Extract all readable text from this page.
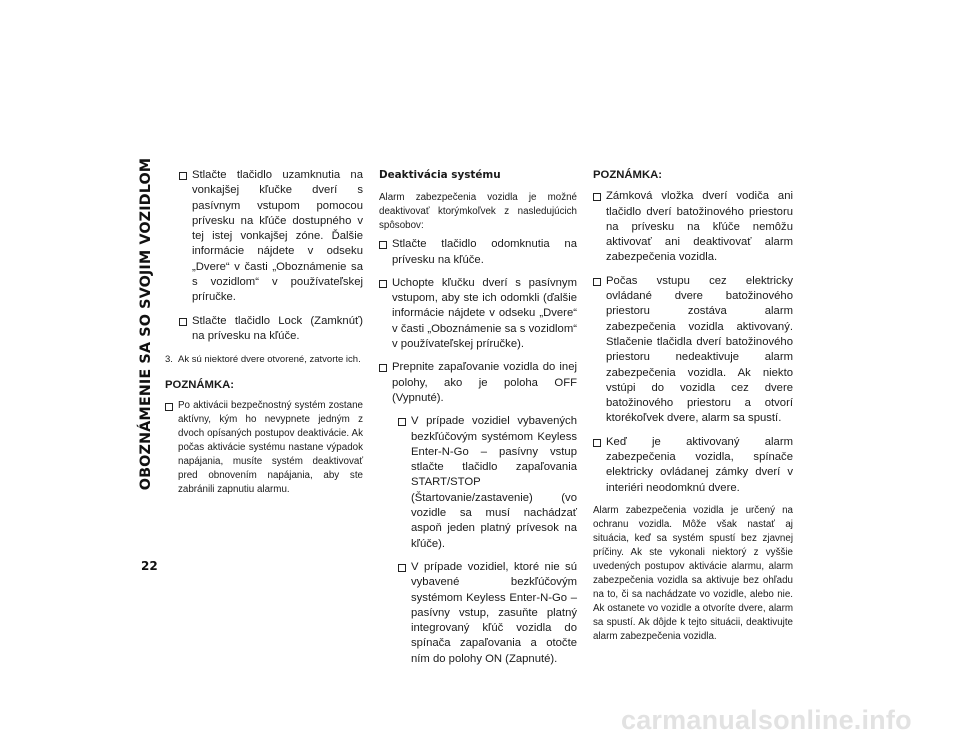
OBOZNÁMENIE SA SO SVOJIM VOZIDLOM	Stlačte tlačidlo uzamknutia na vonkajšej kľučke dverí s pasívnym vstupom pomocou prívesku na kľúče dostupného v tej istej vonkajšej zóne. Ďalšie informácie nájdete v odseku „Dvere“ v časti „Oboznámenie sa s vozidlom“ v používateľskej príručke.
Stlačte tlačidlo Lock (Zamknúť) na prívesku na kľúče.
3. Ak sú niektoré dvere otvorené, zatvorte ich.

POZNÁMKA:

Po aktivácii bezpečnostný systém zostane aktívny, kým ho nevypnete jedným z dvoch opísaných postupov deaktivácie. Ak počas aktivácie systému nastane výpadok napájania, musíte systém deaktivovať pred obnovením napájania, aby ste zabránili zapnutiu alarmu.

Deaktivácia systému

Alarm zabezpečenia vozidla je možné deaktivovať ktorýmkoľvek z nasledujúcich spôsobov:

Stlačte tlačidlo odomknutia na prívesku na kľúče.
Uchopte kľučku dverí s pasívnym vstupom, aby ste ich odomkli (ďalšie informácie nájdete v odseku „Dvere“ v časti „Oboznámenie sa s vozidlom“ v používateľskej príručke).
Prepnite zapaľovanie vozidla do inej polohy, ako je poloha OFF (Vypnuté).
V prípade vozidiel vybavených bezkľúčovým systémom Keyless Enter-N-Go – pasívny vstup stlačte tlačidlo zapaľovania START/STOP (Štartovanie/zastavenie) (vo vozidle sa musí nachádzať aspoň jeden platný prívesok na kľúče).
V prípade vozidiel, ktoré nie sú vybavené bezkľúčovým systémom Keyless Enter-N-Go – pasívny vstup, zasuňte platný integrovaný kľúč vozidla do spínača zapaľovania a otočte ním do polohy ON (Zapnuté).

POZNÁMKA:

Zámková vložka dverí vodiča ani tlačidlo dverí batožinového priestoru na prívesku na kľúče nemôžu aktivovať ani deaktivovať alarm zabezpečenia vozidla.
Počas vstupu cez elektricky ovládané dvere batožinového priestoru zostáva alarm zabezpečenia vozidla aktivovaný. Stlačenie tlačidla dverí batožinového priestoru nedeaktivuje alarm zabezpečenia vozidla. Ak niekto vstúpi do vozidla cez dvere batožinového priestoru a otvorí ktorékoľvek dvere, alarm sa spustí.
Keď je aktivovaný alarm zabezpečenia vozidla, spínače elektricky ovládanej zámky dverí v interiéri neodomknú dvere.

Alarm zabezpečenia vozidla je určený na ochranu vozidla. Môže však nastať aj situácia, keď sa systém spustí bez zjavnej príčiny. Ak ste vykonali niektorý z vyššie uvedených postupov aktivácie alarmu, alarm zabezpečenia vozidla sa aktivuje bez ohľadu na to, či sa nachádzate vo vozidle, alebo nie. Ak ostanete vo vozidle a otvoríte dvere, alarm sa spustí. Ak dôjde k tejto situácii, deaktivujte alarm zabezpečenia vozidla.

22
carmanualsonline.info
